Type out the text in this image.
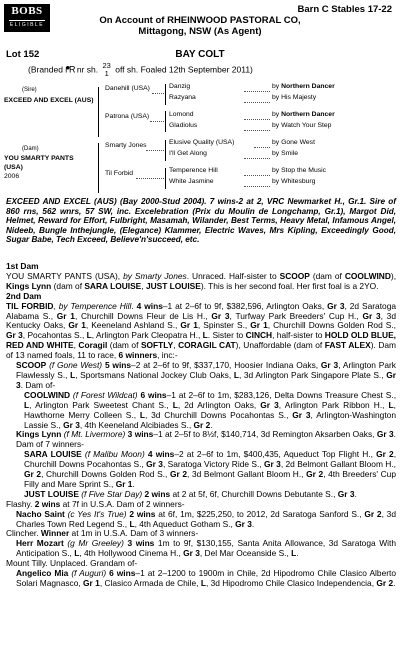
BOBS
ELIGIBLE
Barn C Stables 17-22
On Account of RHEINWOOD PASTORAL CO,
Mittagong, NSW (As Agent)
Lot 152	BAY COLT
(Branded ᖰR nr sh. 23
1 off sh. Foaled 12th September 2011)
(Sire)
EXCEED AND EXCEL (AUS)
(Dam)
YOU SMARTY PANTS
(USA)
2006
Danehill (USA)
Patrona (USA)
Smarty Jones
Til Forbid
Danzig	by Northern Dancer
Razyana	by His Majesty
Lomond	by Northern Dancer
Gladiolus	by Watch Your Step
Elusive Quality (USA)	by Gone West
I'll Get Along	by Smile
Temperence Hill	by Stop the Music
White Jasmine	by Whitesburg
EXCEED AND EXCEL (AUS) (Bay 2000-Stud 2004). 7 wins-2 at 2, VRC Newmarket H., Gr.1. Sire of 860 rns, 562 wnrs, 57 SW, inc. Excelebration (Prix du Moulin de Longchamp, Gr.1), Margot Did, Helmet, Reward for Effort, Fulbright, Masamah, Wilander, Best Terms, Heavy Metal, Infamous Angel, Nideeb, Bungle Inthejungle, (Elegance) Klammer, Electric Waves, Mrs Kipling, Exceedingly Good, Sugar Babe, Tech Exceed, Believe'n'succeed, etc.

1st Dam

YOU SMARTY PANTS (USA), by Smarty Jones. Unraced. Half-sister to SCOOP (dam of COOLWIND), Kings Lynn (dam of SARA LOUISE, JUST LOUISE). This is her second foal. Her first foal is a 2YO.

2nd Dam

TIL FORBID, by Temperence Hill. 4 wins–1 at 2–6f to 9f, $382,596, Arlington Oaks, Gr 3, 2d Saratoga Alabama S., Gr 1, Churchill Downs Fleur de Lis H., Gr 3, Turfway Park Breeders' Cup H., Gr 3, 3d Kentucky Oaks, Gr 1, Keeneland Ashland S., Gr 1, Spinster S., Gr 1, Churchill Downs Golden Rod S., Gr 3, Pocahontas S., L, Arlington Park Cleopatra H., L. Sister to CINCH, half-sister to HOLD OLD BLUE, RED AND WHITE, Coragil (dam of SOFTLY, CORAGIL CAT), Unaffordable (dam of FAST ALEX). Dam of 13 named foals, 11 to race, 6 winners, inc:-

SCOOP (f Gone West) 5 wins–2 at 2–6f to 9f, $337,170, Hoosier Indiana Oaks, Gr 3, Arlington Park Flawlessly S., L, Sportsmans National Jockey Club Oaks, L, 3d Arlington Park Singapore Plate S., Gr 3. Dam of-

COOLWIND (f Forest Wildcat) 6 wins–1 at 2–6f to 1m, $283,126, Delta Downs Treasure Chest S., L, Arlington Park Sweetest Chant S., L, 2d Arlington Oaks, Gr 3, Arlington Park Ribbon H., L, Hawthorne Merry Colleen S., L, 3d Churchill Downs Pocahontas S., Gr 3, Arlington-Washington Lassie S., Gr 3, 4th Keeneland Alcibiades S., Gr 2.

Kings Lynn (f Mt. Livermore) 3 wins–1 at 2–5f to 8½f, $140,714, 3d Remington Aksarben Oaks, Gr 3. Dam of 7 winners-

SARA LOUISE (f Malibu Moon) 4 wins–2 at 2–6f to 1m, $400,435, Aqueduct Top Flight H., Gr 2, Churchill Downs Pocahontas S., Gr 3, Saratoga Victory Ride S., Gr 3, 2d Belmont Gallant Bloom H., Gr 2, Churchill Downs Golden Rod S., Gr 2, 3d Belmont Gallant Bloom H., Gr 2, 4th Breeders' Cup Filly and Mare Sprint S., Gr 1.

JUST LOUISE (f Five Star Day) 2 wins at 2 at 5f, 6f, Churchill Downs Debutante S., Gr 3.

Flashy. 2 wins at 7f in U.S.A. Dam of 2 winners-

Nacho Saint (c Yes It's True) 2 wins at 6f, 1m, $225,250, to 2012, 2d Saratoga Sanford S., Gr 2, 3d Charles Town Red Legend S., L, 4th Aqueduct Gotham S., Gr 3.

Clincher. Winner at 1m in U.S.A. Dam of 3 winners-

Herr Mozart (g Mr Greeley) 3 wins 1m to 9f, $130,155, Santa Anita Allowance, 3d Saratoga With Anticipation S., L, 4th Hollywood Cinema H., Gr 3, Del Mar Oceanside S., L.

Mount Tilly. Unplaced. Grandam of-

Angelico Mia (f Auguri) 6 wins–1 at 2–1200 to 1900m in Chile, 2d Hipodromo Chile Clasico Alberto Solari Magnasco, Gr 1, Clasico Armada de Chile, L, 3d Hipodromo Chile Clasico Independencia, Gr 2.
